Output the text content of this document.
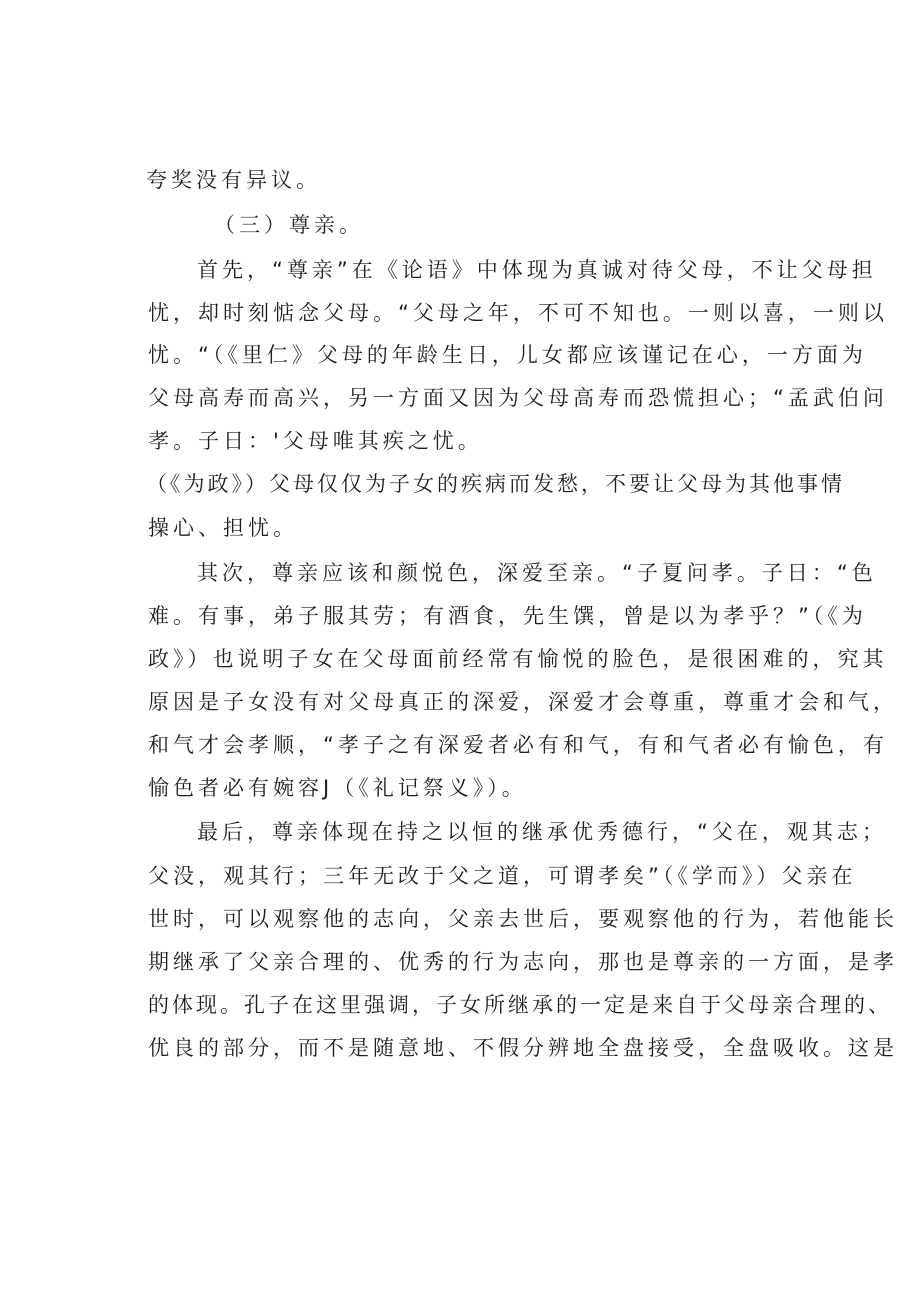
夸奖没有异议。

（三）尊亲。

首先，“尊亲”在《论语》中体现为真诚对待父母，不让父母担

忧，却时刻惦念父母。“父母之年，不可不知也。一则以喜，一则以

忧。“（《里仁》父母的年龄生日，儿女都应该谨记在心，一方面为

父母高寿而高兴，另一方面又因为父母高寿而恐慌担心；“孟武伯问

孝。子日：'父母唯其疾之忧。

（《为政》）父母仅仅为子女的疾病而发愁，不要让父母为其他事情

操心、担忧。

其次，尊亲应该和颜悦色，深爱至亲。“子夏问孝。子日：“色

难。有事，弟子服其劳；有酒食，先生馔，曾是以为孝乎？”（《为

政》）也说明子女在父母面前经常有愉悦的脸色，是很困难的，究其

原因是子女没有对父母真正的深爱，深爱才会尊重，尊重才会和气，

和气才会孝顺，“孝子之有深爱者必有和气，有和气者必有愉色，有

愉色者必有婉容J（《礼记祭义》）。

最后，尊亲体现在持之以恒的继承优秀德行，“父在，观其志；

父没，观其行；三年无改于父之道，可谓孝矣”（《学而》）父亲在

世时，可以观察他的志向，父亲去世后，要观察他的行为，若他能长

期继承了父亲合理的、优秀的行为志向，那也是尊亲的一方面，是孝

的体现。孔子在这里强调，子女所继承的一定是来自于父母亲合理的、

优良的部分，而不是随意地、不假分辨地全盘接受，全盘吸收。这是
